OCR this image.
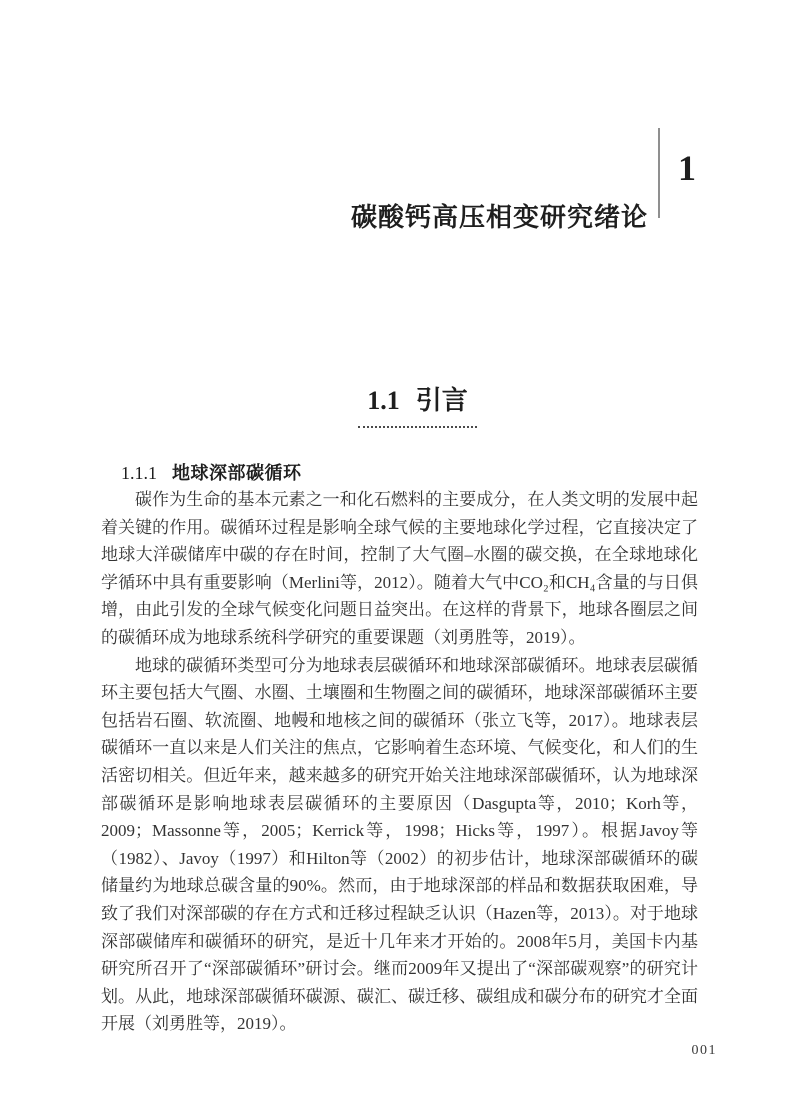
碳酸钙高压相变研究绪论
1
1.1 引言
1.1.1 地球深部碳循环

碳作为生命的基本元素之一和化石燃料的主要成分，在人类文明的发展中起着关键的作用。碳循环过程是影响全球气候的主要地球化学过程，它直接决定了地球大洋碳储库中碳的存在时间，控制了大气圈–水圈的碳交换，在全球地球化学循环中具有重要影响（Merlini等，2012）。随着大气中CO₂和CH₄含量的与日俱增，由此引发的全球气候变化问题日益突出。在这样的背景下，地球各圈层之间的碳循环成为地球系统科学研究的重要课题（刘勇胜等，2019）。

地球的碳循环类型可分为地球表层碳循环和地球深部碳循环。地球表层碳循环主要包括大气圈、水圈、土壤圈和生物圈之间的碳循环，地球深部碳循环主要包括岩石圈、软流圈、地幔和地核之间的碳循环（张立飞等，2017）。地球表层碳循环一直以来是人们关注的焦点，它影响着生态环境、气候变化，和人们的生活密切相关。但近年来，越来越多的研究开始关注地球深部碳循环，认为地球深部碳循环是影响地球表层碳循环的主要原因（Dasgupta等，2010；Korh等，2009；Massonne等，2005；Kerrick等，1998；Hicks等，1997）。根据Javoy等（1982）、Javoy（1997）和Hilton等（2002）的初步估计，地球深部碳循环的碳储量约为地球总碳含量的90%。然而，由于地球深部的样品和数据获取困难，导致了我们对深部碳的存在方式和迁移过程缺乏认识（Hazen等，2013）。对于地球深部碳储库和碳循环的研究，是近十几年来才开始的。2008年5月，美国卡内基研究所召开了“深部碳循环”研讨会。继而2009年又提出了“深部碳观察”的研究计划。从此，地球深部碳循环碳源、碳汇、碳迁移、碳组成和碳分布的研究才全面开展（刘勇胜等，2019）。

001
